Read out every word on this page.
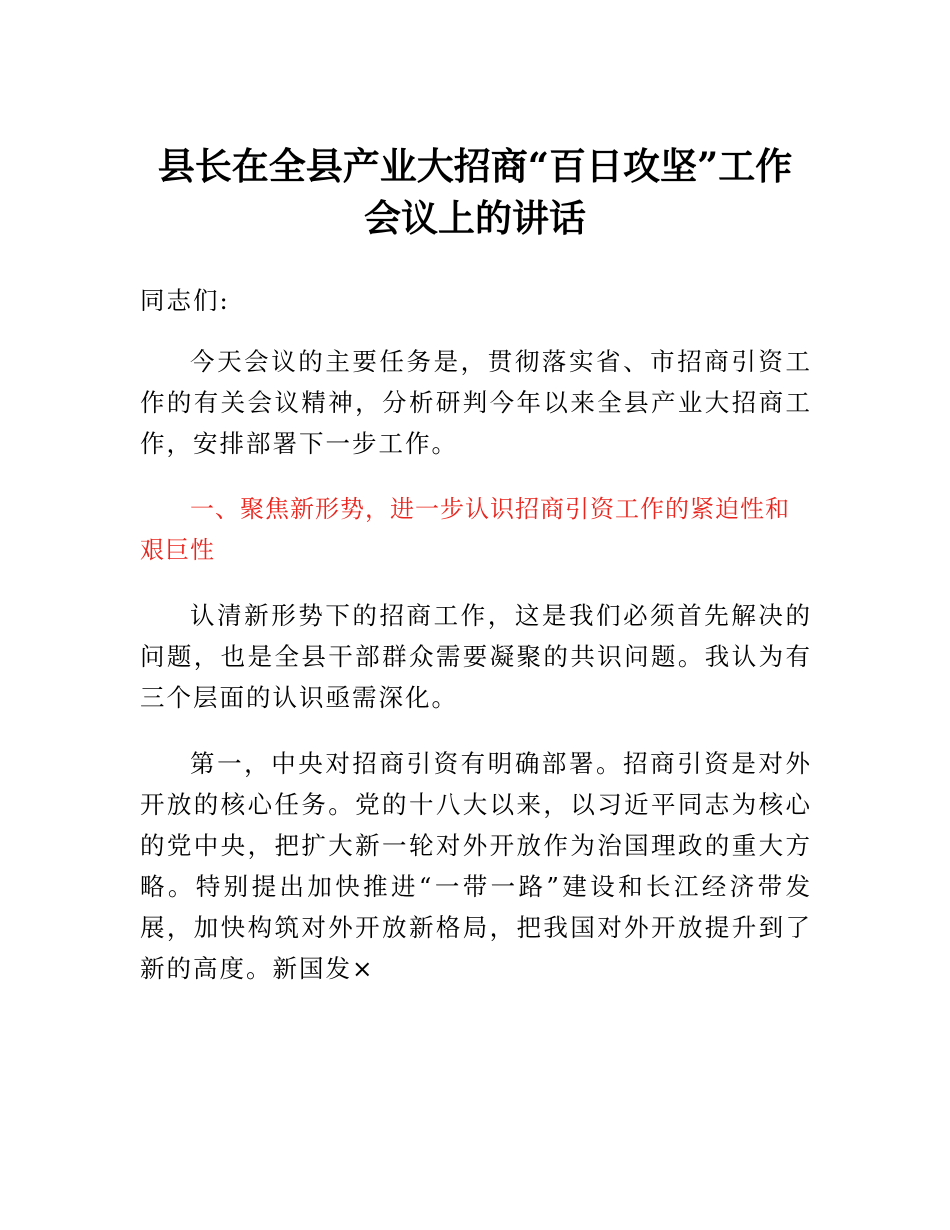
县长在全县产业大招商“百日攻坚”工作会议上的讲话

同志们:

今天会议的主要任务是，贯彻落实省、市招商引资工作的有关会议精神，分析研判今年以来全县产业大招商工作，安排部署下一步工作。

一、聚焦新形势，进一步认识招商引资工作的紧迫性和艰巨性

认清新形势下的招商工作，这是我们必须首先解决的问题，也是全县干部群众需要凝聚的共识问题。我认为有三个层面的认识亟需深化。

第一，中央对招商引资有明确部署。招商引资是对外开放的核心任务。党的十八大以来，以习近平同志为核心的党中央，把扩大新一轮对外开放作为治国理政的重大方略。特别提出加快推进“一带一路”建设和长江经济带发展，加快构筑对外开放新格局，把我国对外开放提升到了新的高度。新国发×
